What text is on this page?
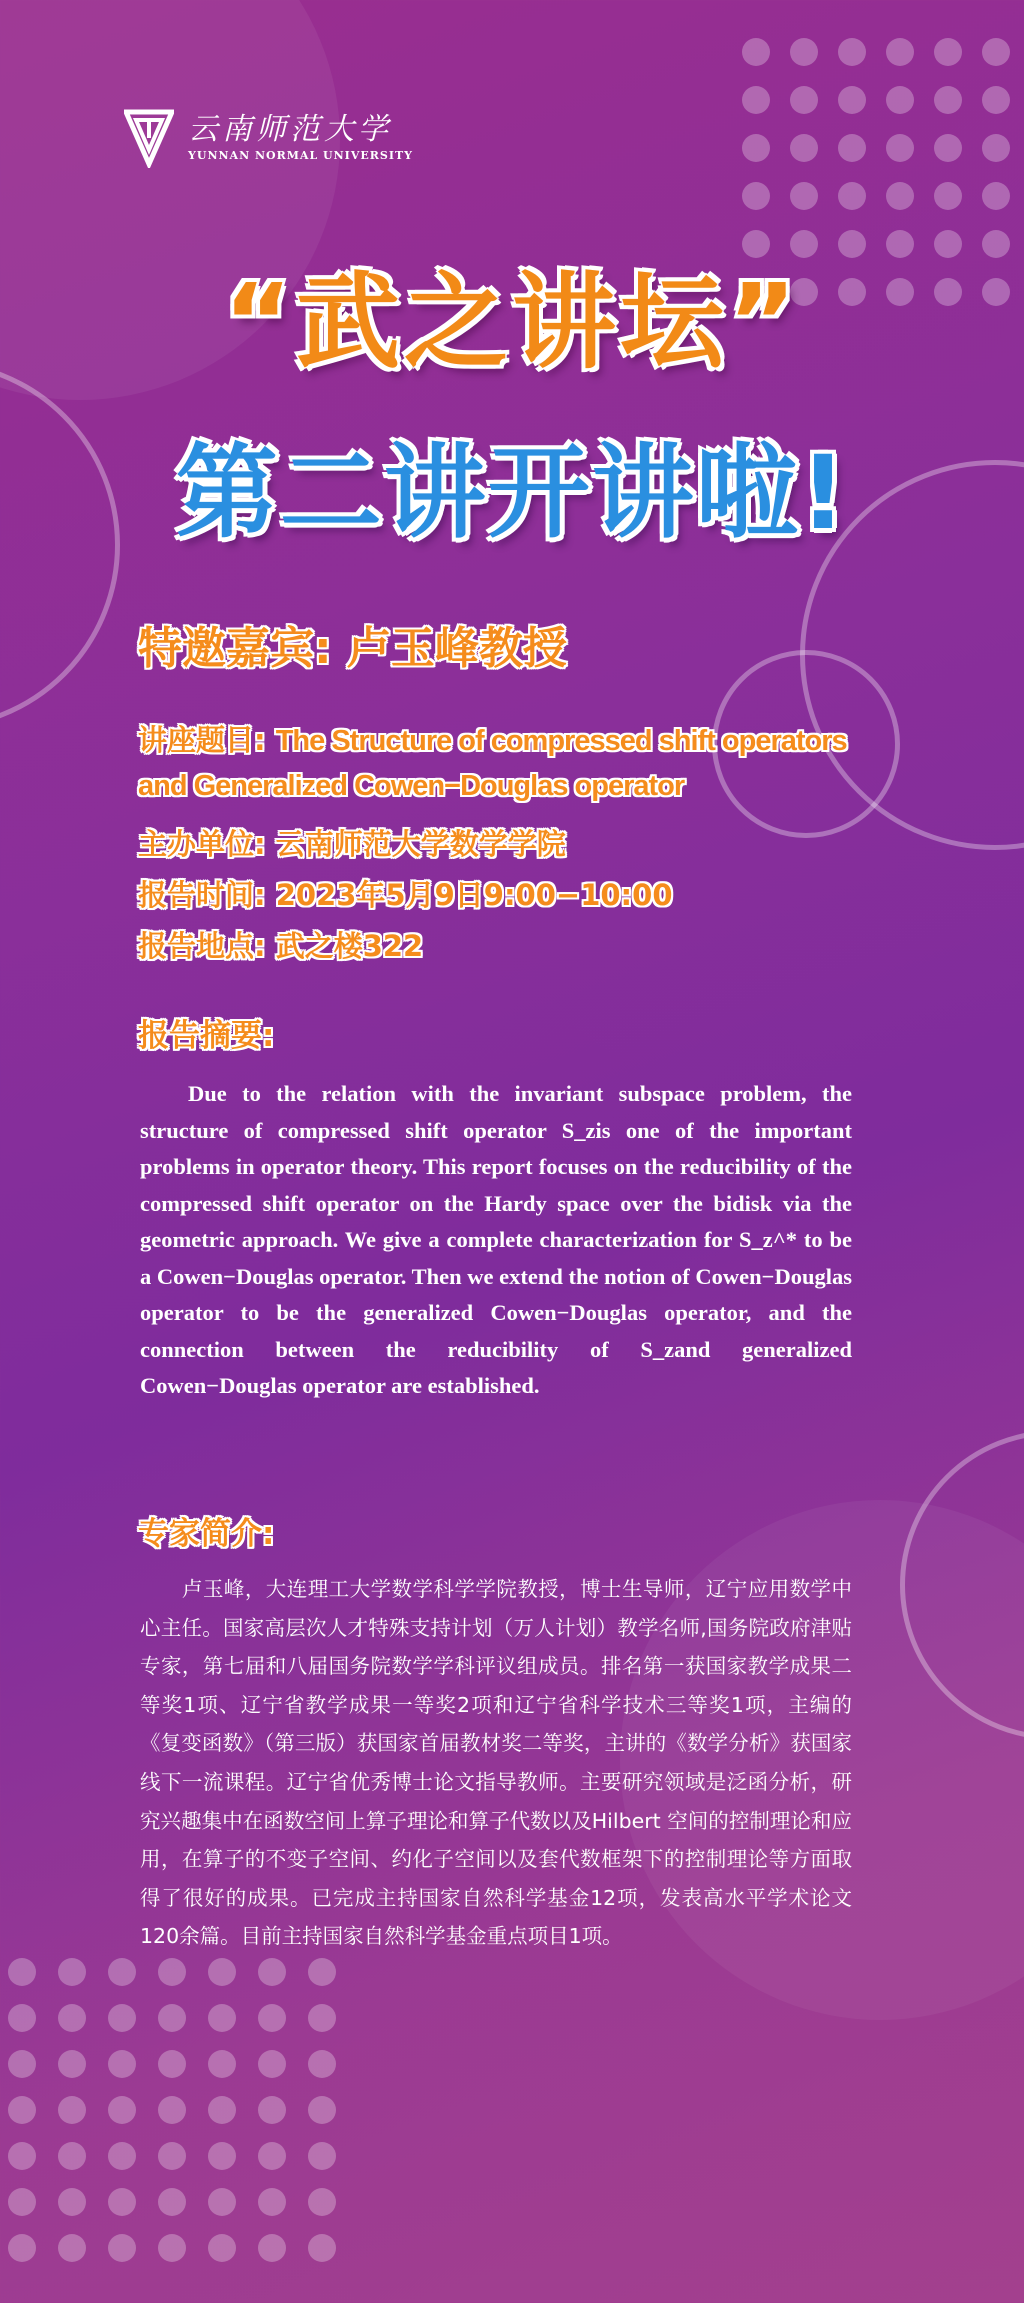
云南师范大学
YUNNAN NORMAL UNIVERSITY
“武之讲坛”
第二讲开讲啦!
特邀嘉宾: 卢玉峰教授
讲座题目: The Structure of compressed shift operators
and Generalized Cowen−Douglas operator
主办单位: 云南师范大学数学学院
报告时间: 2023年5月9日9:00−10:00
报告地点: 武之楼322
报告摘要:
Due to the relation with the invariant subspace problem, the structure of compressed shift operator S_zis one of the important problems in operator theory. This report focuses on the reducibility of the compressed shift operator on the Hardy space over the bidisk via the geometric approach. We give a complete characterization for S_z^* to be a Cowen−Douglas operator. Then we extend the notion of Cowen−Douglas operator to be the generalized Cowen−Douglas operator, and the connection between the reducibility of S_zand generalized Cowen−Douglas operator are established.
专家简介:
卢玉峰，大连理工大学数学科学学院教授，博士生导师，辽宁应用数学中心主任。国家高层次人才特殊支持计划（万人计划）教学名师,国务院政府津贴专家，第七届和八届国务院数学学科评议组成员。排名第一获国家教学成果二等奖1项、辽宁省教学成果一等奖2项和辽宁省科学技术三等奖1项，主编的《复变函数》（第三版）获国家首届教材奖二等奖，主讲的《数学分析》获国家线下一流课程。辽宁省优秀博士论文指导教师。主要研究领域是泛函分析，研究兴趣集中在函数空间上算子理论和算子代数以及Hilbert 空间的控制理论和应用，在算子的不变子空间、约化子空间以及套代数框架下的控制理论等方面取得了很好的成果。已完成主持国家自然科学基金12项，发表高水平学术论文120余篇。目前主持国家自然科学基金重点项目1项。
